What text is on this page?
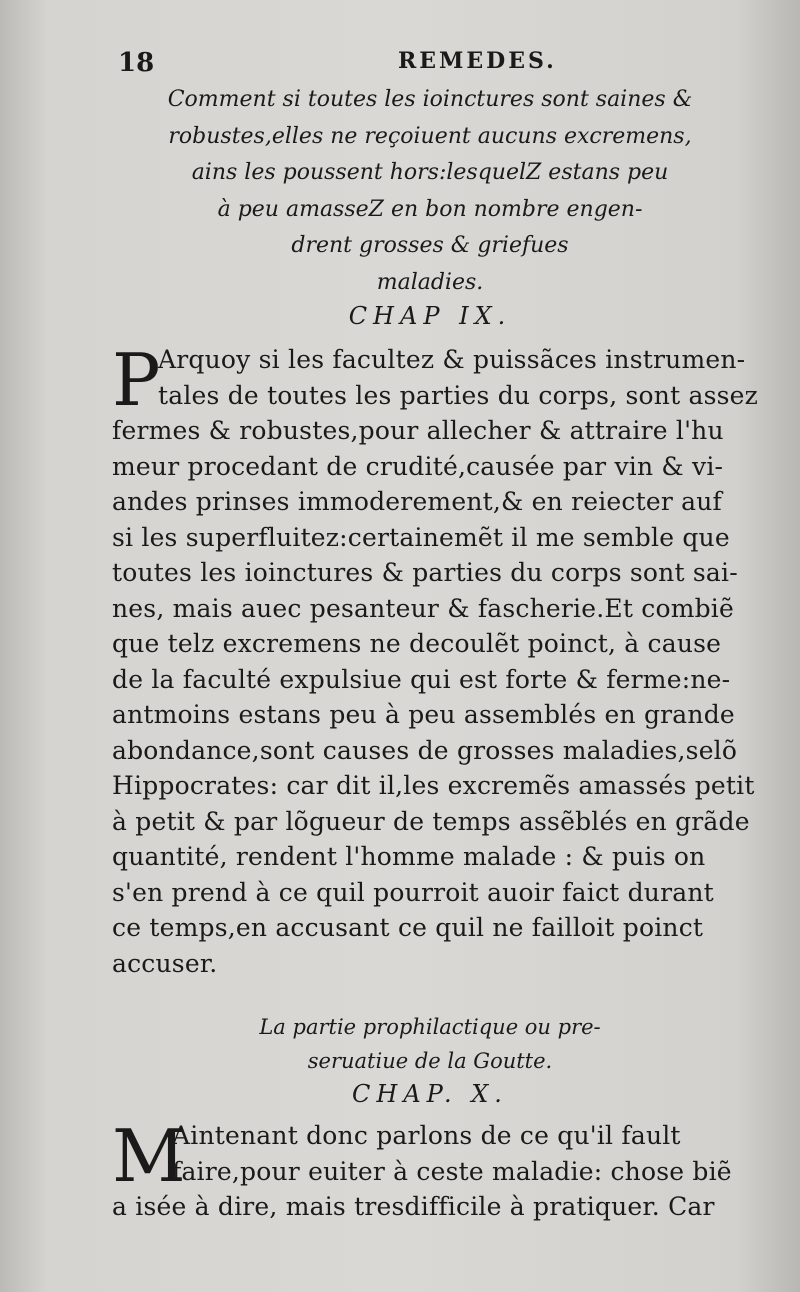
18	REMEDES.
Comment si toutes les ioinctures sont saines &
robustes,elles ne reçoiuent aucuns excremens,
ains les poussent hors:lesquelZ estans peu
à peu amasseZ en bon nombre engen-
drent grosses & griefues
maladies.
CHAP IX.
P
Arquoy si les facultez & puissãces instrumen-
tales de toutes les parties du corps, sont assez
fermes & robustes,pour allecher & attraire l'hu
meur procedant de crudité,causée par vin & vi-
andes prinses immoderement,& en reiecter auf
si les superfluitez:certainemẽt il me semble que
toutes les ioinctures & parties du corps sont sai-
nes, mais auec pesanteur & fascherie.Et combiẽ
que telz excremens ne decoulẽt poinct, à cause
de la faculté expulsiue qui est forte & ferme:ne-
antmoins estans peu à peu assemblés en grande
abondance,sont causes de grosses maladies,selõ
Hippocrates: car dit il,les excremẽs amassés petit
à petit & par lõgueur de temps assẽblés en grãde
quantité, rendent l'homme malade : & puis on
s'en prend à ce quil pourroit auoir faict durant
ce temps,en accusant ce quil ne failloit poinct
accuser.
La partie prophilactique ou pre-
seruatiue de la Goutte.
CHAP. X.
M
Aintenant donc parlons de ce qu'il fault
faire,pour euiter à ceste maladie: chose biẽ
a isée à dire, mais tresdifficile à pratiquer. Car
